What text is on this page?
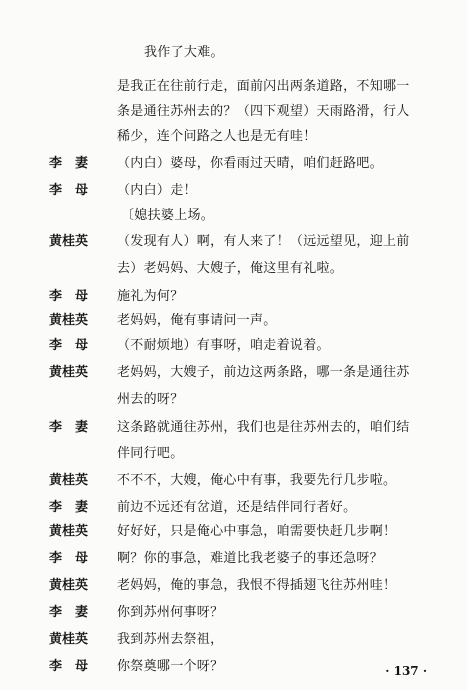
我作了大难。
是我正在往前行走，面前闪出两条道路，不知哪一
条是通往苏州去的？（四下观望）天雨路滑，行人
稀少，连个问路之人也是无有哇！
李　妻 （内白）婆母，你看雨过天晴，咱们赶路吧。
李　母 （内白）走！
〔媳扶婆上场。
黄桂英 （发现有人）啊，有人来了！（远远望见，迎上前
去）老妈妈、大嫂子，俺这里有礼啦。
李　母 施礼为何？
黄桂英 老妈妈，俺有事请问一声。
李　母 （不耐烦地）有事呀，咱走着说着。
黄桂英 老妈妈，大嫂子，前边这两条路，哪一条是通往苏
州去的呀？
李　妻 这条路就通往苏州，我们也是往苏州去的，咱们结
伴同行吧。
黄桂英 不不不，大嫂，俺心中有事，我要先行几步啦。
李　妻 前边不远还有岔道，还是结伴同行者好。
黄桂英 好好好，只是俺心中事急，咱需要快赶几步啊！
李　母 啊？你的事急，难道比我老婆子的事还急呀？
黄桂英 老妈妈，俺的事急，我恨不得插翅飞往苏州哇！
李　妻 你到苏州何事呀？
黄桂英 我到苏州去祭祖，
李　母 你祭奠哪一个呀？	· 137 ·
